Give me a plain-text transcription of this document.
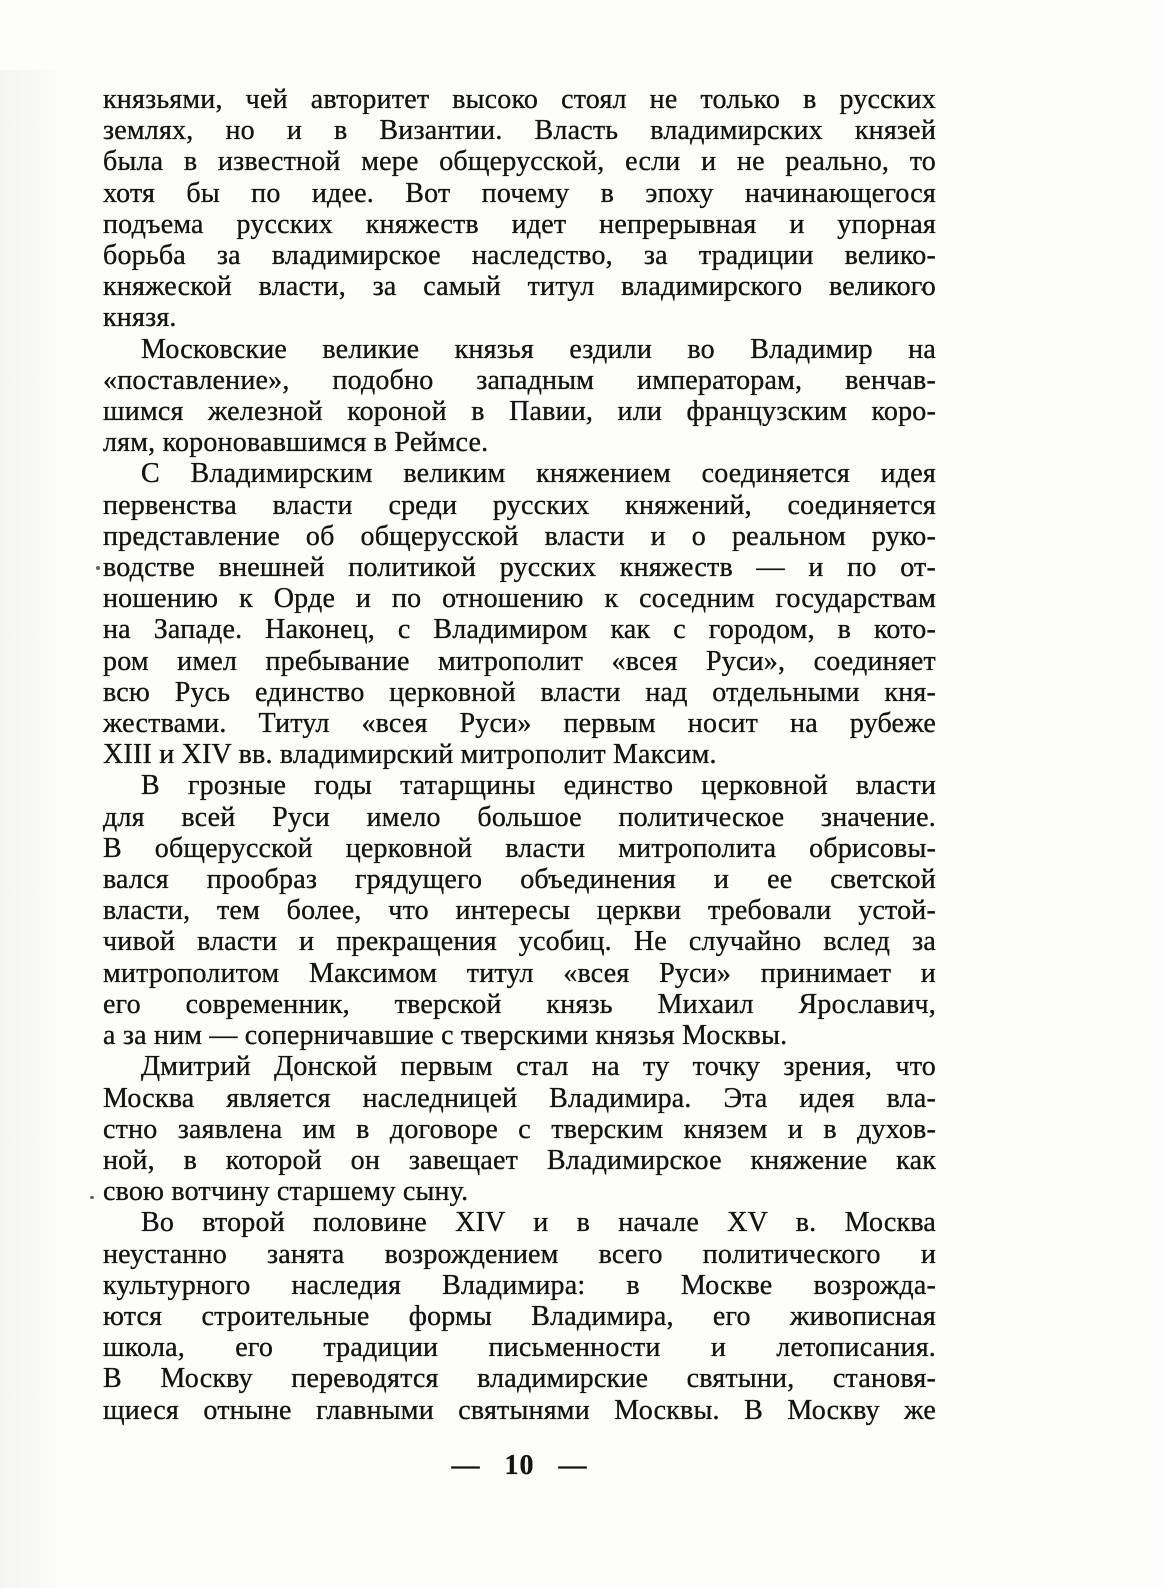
князьями, чей авторитет высоко стоял не только в русских
землях, но и в Византии. Власть владимирских князей
была в известной мере общерусской, если и не реально, то
хотя бы по идее. Вот почему в эпоху начинающегося
подъема русских княжеств идет непрерывная и упорная
борьба за владимирское наследство, за традиции велико-
княжеской власти, за самый титул владимирского великого
князя.
Московские великие князья ездили во Владимир на
«поставление», подобно западным императорам, венчав-
шимся железной короной в Павии, или французским коро-
лям, короновавшимся в Реймсе.
С Владимирским великим княжением соединяется идея
первенства власти среди русских княжений, соединяется
представление об общерусской власти и о реальном руко-
водстве внешней политикой русских княжеств — и по от-
ношению к Орде и по отношению к соседним государствам
на Западе. Наконец, с Владимиром как с городом, в кото-
ром имел пребывание митрополит «всея Руси», соединяет
всю Русь единство церковной власти над отдельными кня-
жествами. Титул «всея Руси» первым носит на рубеже
XIII и XIV вв. владимирский митрополит Максим.
В грозные годы татарщины единство церковной власти
для всей Руси имело большое политическое значение.
В общерусской церковной власти митрополита обрисовы-
вался прообраз грядущего объединения и ее светской
власти, тем более, что интересы церкви требовали устой-
чивой власти и прекращения усобиц. Не случайно вслед за
митрополитом Максимом титул «всея Руси» принимает и
его современник, тверской князь Михаил Ярославич,
а за ним — соперничавшие с тверскими князья Москвы.
Дмитрий Донской первым стал на ту точку зрения, что
Москва является наследницей Владимира. Эта идея вла-
стно заявлена им в договоре с тверским князем и в духов-
ной, в которой он завещает Владимирское княжение как
свою вотчину старшему сыну.
Во второй половине XIV и в начале XV в. Москва
неустанно занята возрождением всего политического и
культурного наследия Владимира: в Москве возрожда-
ются строительные формы Владимира, его живописная
школа, его традиции письменности и летописания.
В Москву переводятся владимирские святыни, становя-
щиеся отныне главными святынями Москвы. В Москву же
— 10 —
